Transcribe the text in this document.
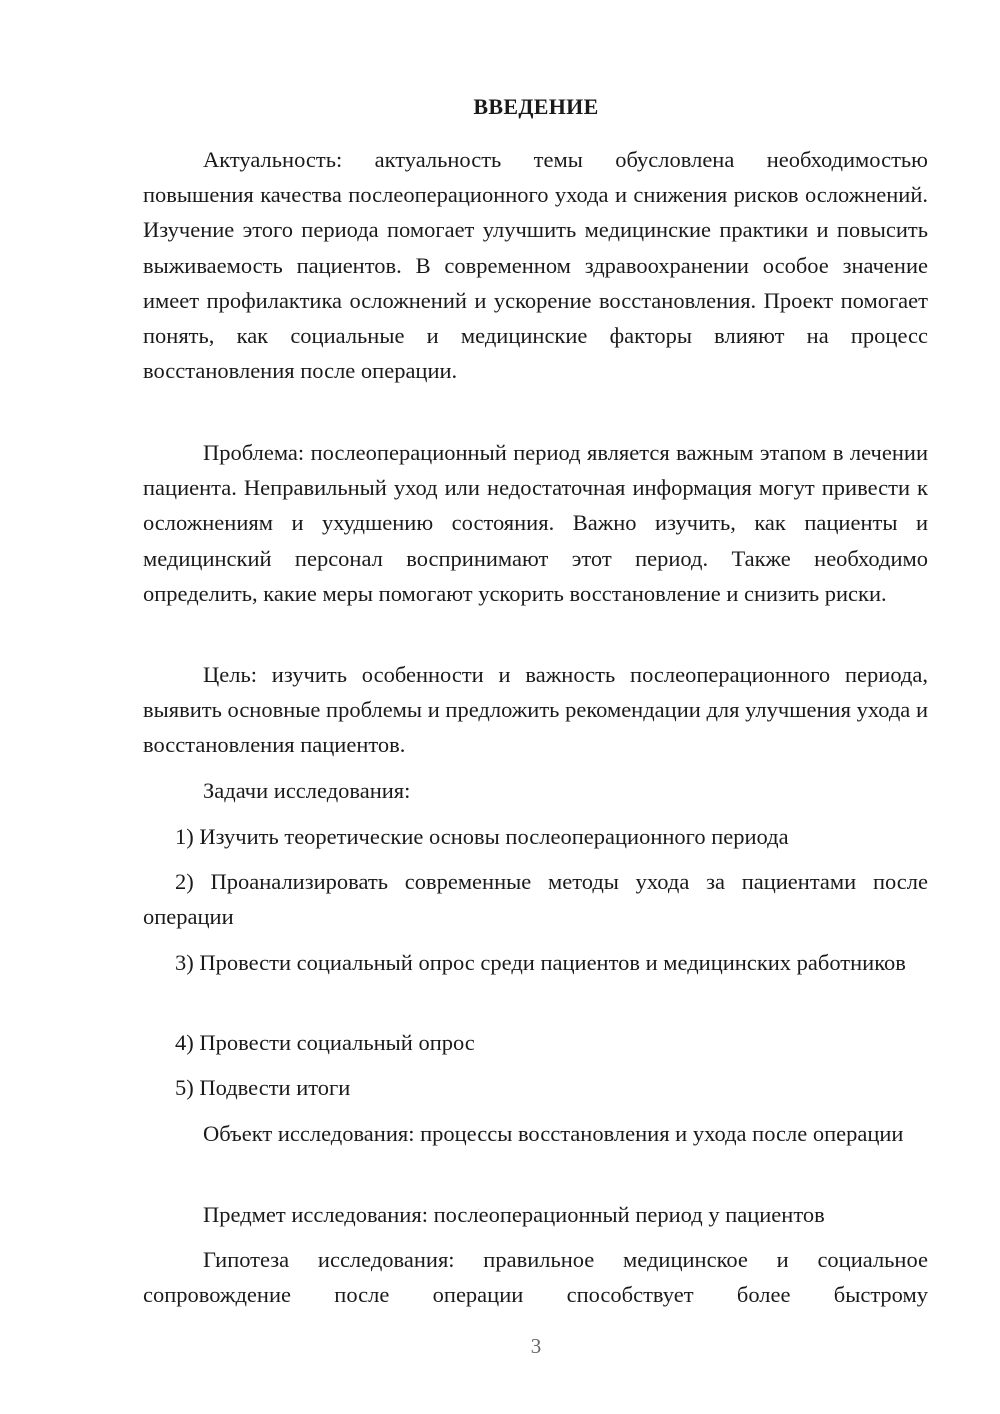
ВВЕДЕНИЕ

Актуальность: актуальность темы обусловлена необходимостью повышения качества послеоперационного ухода и снижения рисков осложнений. Изучение этого периода помогает улучшить медицинские практики и повысить выживаемость пациентов. В современном здравоохранении особое значение имеет профилактика осложнений и ускорение восстановления. Проект помогает понять, как социальные и медицинские факторы влияют на процесс восстановления после операции.

Проблема: послеоперационный период является важным этапом в лечении пациента. Неправильный уход или недостаточная информация могут привести к осложнениям и ухудшению состояния. Важно изучить, как пациенты и медицинский персонал воспринимают этот период. Также необходимо определить, какие меры помогают ускорить восстановление и снизить риски.

Цель: изучить особенности и важность послеоперационного периода, выявить основные проблемы и предложить рекомендации для улучшения ухода и восстановления пациентов.

Задачи исследования:

1) Изучить теоретические основы послеоперационного периода

2) Проанализировать современные методы ухода за пациентами после операции

3) Провести социальный опрос среди пациентов и медицинских работников

4) Провести социальный опрос

5) Подвести итоги

Объект исследования: процессы восстановления и ухода после операции

Предмет исследования: послеоперационный период у пациентов

Гипотеза исследования: правильное медицинское и социальное сопровождение после операции способствует более быстрому

3
